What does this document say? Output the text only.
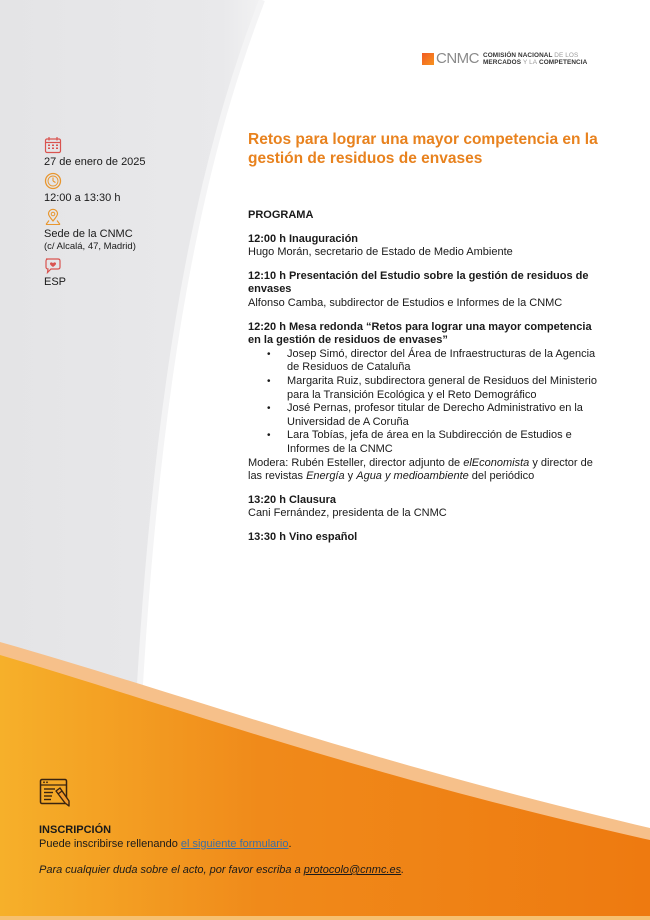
CNMC COMISIÓN NACIONAL DE LOS
MERCADOS Y LA COMPETENCIA
27 de enero de 2025
12:00 a 13:30 h
Sede de la CNMC
(c/ Alcalá, 47, Madrid)
ESP
Retos para lograr una mayor competencia en la gestión de residuos de envases
PROGRAMA
12:00 h Inauguración
Hugo Morán, secretario de Estado de Medio Ambiente
12:10 h Presentación del Estudio sobre la gestión de residuos de envases
Alfonso Camba, subdirector de Estudios e Informes de la CNMC
12:20 h Mesa redonda “Retos para lograr una mayor competencia en la gestión de residuos de envases”
• Josep Simó, director del Área de Infraestructuras de la Agencia de Residuos de Cataluña
• Margarita Ruiz, subdirectora general de Residuos del Ministerio para la Transición Ecológica y el Reto Demográfico
• José Pernas, profesor titular de Derecho Administrativo en la Universidad de A Coruña
• Lara Tobías, jefa de área en la Subdirección de Estudios e Informes de la CNMC
Modera: Rubén Esteller, director adjunto de elEconomista y director de las revistas Energía y Agua y medioambiente del periódico
13:20 h Clausura
Cani Fernández, presidenta de la CNMC
13:30 h Vino español
INSCRIPCIÓN
Puede inscribirse rellenando el siguiente formulario.
Para cualquier duda sobre el acto, por favor escriba a protocolo@cnmc.es.
